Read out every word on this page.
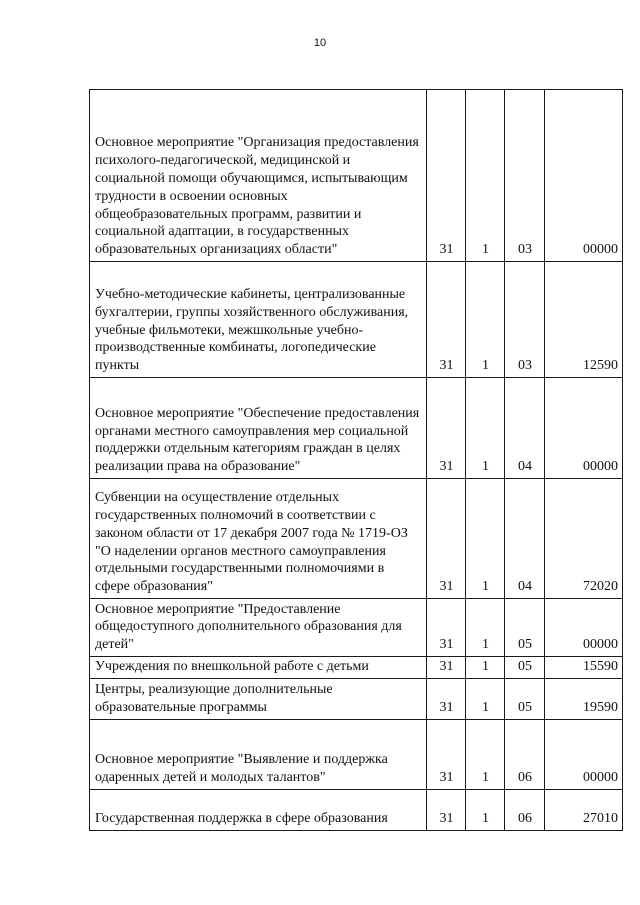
10
Основное мероприятие "Организация предоставления психолого-педагогической, медицинской и социальной помощи обучающимся, испытывающим трудности в освоении основных общеобразовательных программ, развитии и социальной адаптации, в государственных образовательных организациях области"	31	1	03	00000
Учебно-методические кабинеты, централизованные бухгалтерии, группы хозяйственного обслуживания, учебные фильмотеки, межшкольные учебно-производственные комбинаты, логопедические пункты	31	1	03	12590
Основное мероприятие "Обеспечение предоставления органами местного самоуправления мер социальной поддержки отдельным категориям граждан в целях реализации права на образование"	31	1	04	00000
Субвенции на осуществление отдельных государственных полномочий в соответствии с законом области от 17 декабря 2007 года № 1719-ОЗ "О наделении органов местного самоуправления отдельными государственными полномочиями в сфере образования"	31	1	04	72020
Основное мероприятие "Предоставление общедоступного дополнительного образования для детей"	31	1	05	00000
Учреждения по внешкольной работе с детьми	31	1	05	15590
Центры, реализующие дополнительные образовательные программы	31	1	05	19590
Основное мероприятие "Выявление и поддержка одаренных детей и молодых талантов"	31	1	06	00000
Государственная поддержка в сфере образования	31	1	06	27010
